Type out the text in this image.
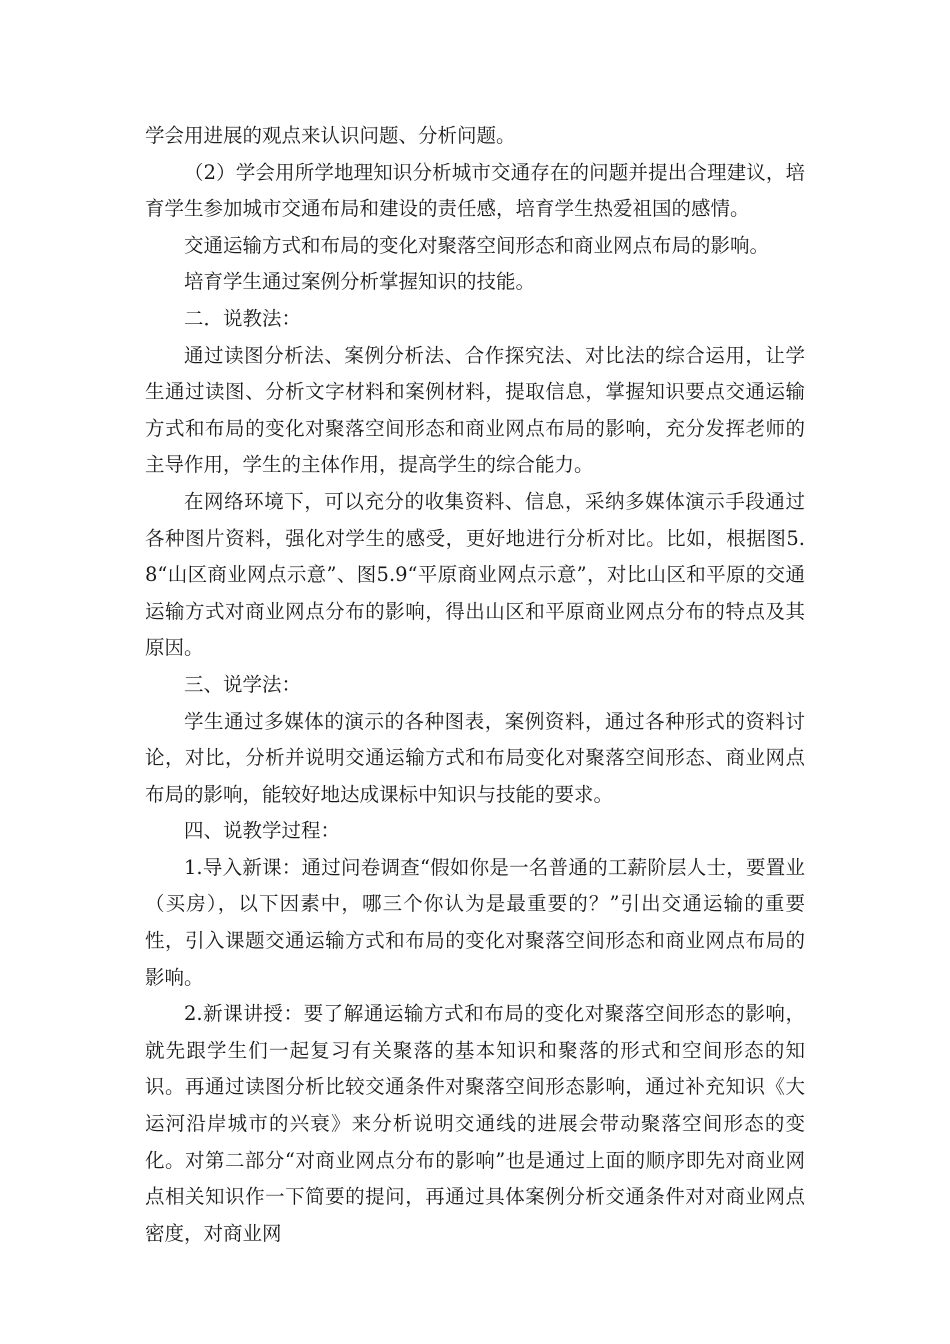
学会用进展的观点来认识问题、分析问题。

（2）学会用所学地理知识分析城市交通存在的问题并提出合理建议，培育学生参加城市交通布局和建设的责任感，培育学生热爱祖国的感情。

交通运输方式和布局的变化对聚落空间形态和商业网点布局的影响。

培育学生通过案例分析掌握知识的技能。

二．说教法：

通过读图分析法、案例分析法、合作探究法、对比法的综合运用，让学生通过读图、分析文字材料和案例材料，提取信息，掌握知识要点交通运输方式和布局的变化对聚落空间形态和商业网点布局的影响，充分发挥老师的主导作用，学生的主体作用，提高学生的综合能力。

在网络环境下，可以充分的收集资料、信息，采纳多媒体演示手段通过各种图片资料，强化对学生的感受，更好地进行分析对比。比如，根据图5.8“山区商业网点示意”、图5.9“平原商业网点示意”，对比山区和平原的交通运输方式对商业网点分布的影响，得出山区和平原商业网点分布的特点及其原因。

三、说学法：

学生通过多媒体的演示的各种图表，案例资料，通过各种形式的资料讨论，对比，分析并说明交通运输方式和布局变化对聚落空间形态、商业网点布局的影响，能较好地达成课标中知识与技能的要求。

四、说教学过程：

1.导入新课：通过问卷调查“假如你是一名普通的工薪阶层人士，要置业（买房），以下因素中，哪三个你认为是最重要的？”引出交通运输的重要性，引入课题交通运输方式和布局的变化对聚落空间形态和商业网点布局的影响。

2.新课讲授：要了解通运输方式和布局的变化对聚落空间形态的影响，就先跟学生们一起复习有关聚落的基本知识和聚落的形式和空间形态的知识。再通过读图分析比较交通条件对聚落空间形态影响，通过补充知识《大运河沿岸城市的兴衰》来分析说明交通线的进展会带动聚落空间形态的变化。对第二部分“对商业网点分布的影响”也是通过上面的顺序即先对商业网点相关知识作一下简要的提问，再通过具体案例分析交通条件对对商业网点密度，对商业网
